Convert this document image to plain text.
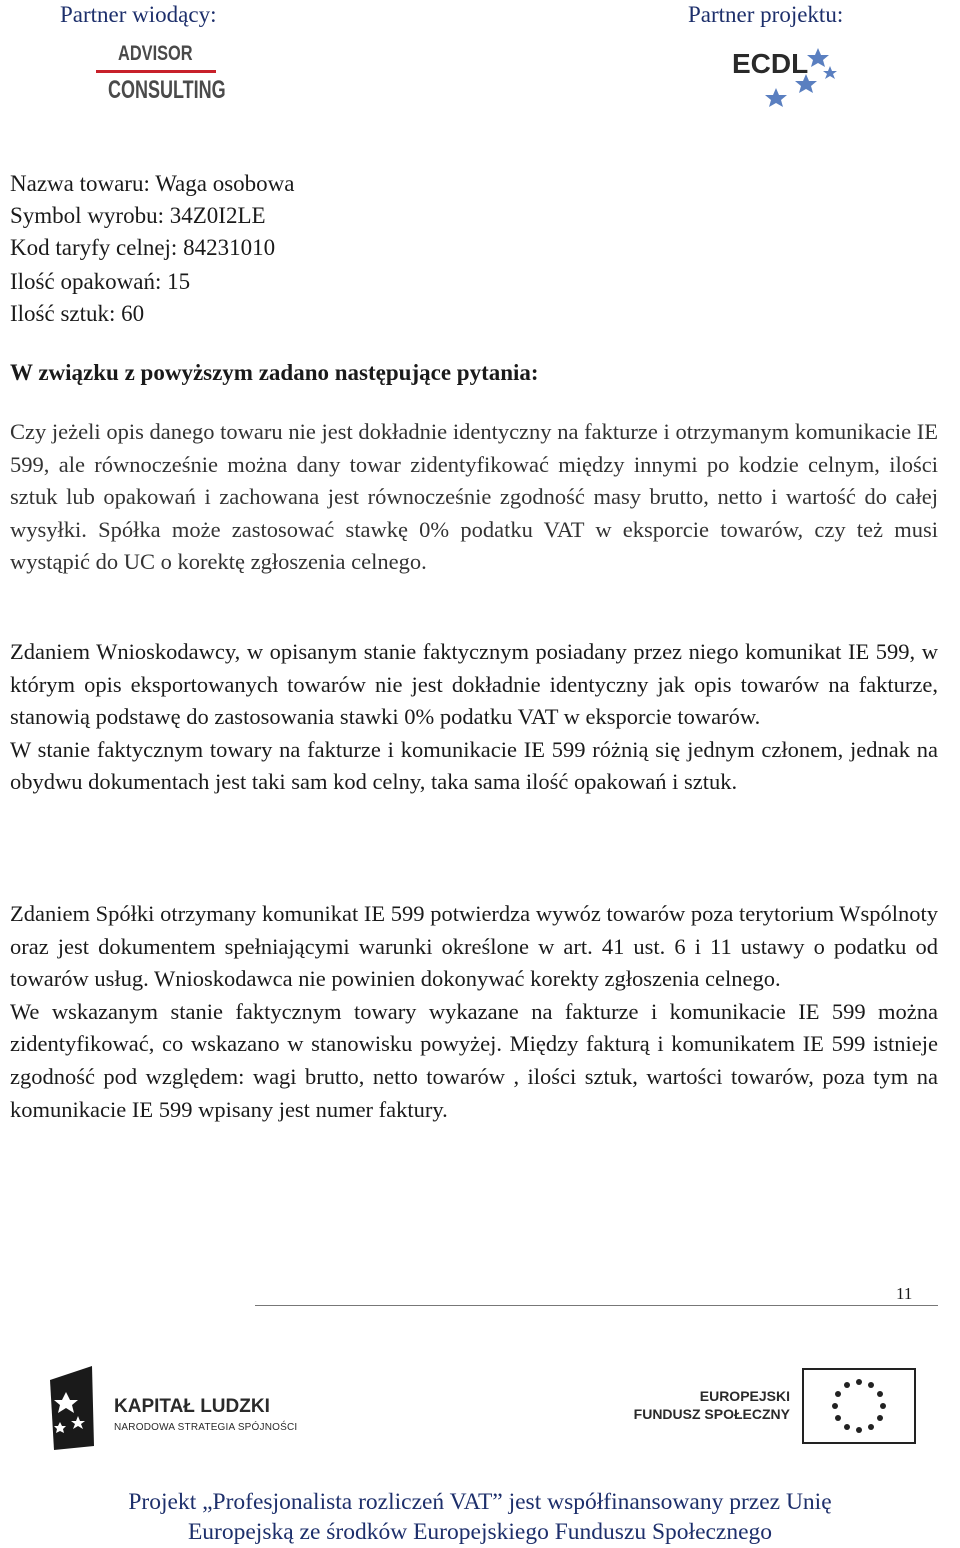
Partner wiodący:	Partner projektu:
ADVISOR
CONSULTING
ECDL
Nazwa towaru: Waga osobowa
Symbol wyrobu: 34Z0I2LE
Kod taryfy celnej: 84231010
Ilość opakowań: 15
Ilość sztuk: 60
W związku z powyższym zadano następujące pytania:

Czy jeżeli opis danego towaru nie jest dokładnie identyczny na fakturze i otrzymanym komunikacie IE 599, ale równocześnie można dany towar zidentyfikować między innymi po kodzie celnym, ilości sztuk lub opakowań i zachowana jest równocześnie zgodność masy brutto, netto i wartość do całej wysyłki. Spółka może zastosować stawkę 0% podatku VAT w eksporcie towarów, czy też musi wystąpić do UC o korektę zgłoszenia celnego.

Zdaniem Wnioskodawcy, w opisanym stanie faktycznym posiadany przez niego komunikat IE 599, w którym opis eksportowanych towarów nie jest dokładnie identyczny jak opis towarów na fakturze, stanowią podstawę do zastosowania stawki 0% podatku VAT w eksporcie towarów.

W stanie faktycznym towary na fakturze i komunikacie IE 599 różnią się jednym członem, jednak na obydwu dokumentach jest taki sam kod celny, taka sama ilość opakowań i sztuk.

Zdaniem Spółki otrzymany komunikat IE 599 potwierdza wywóz towarów poza terytorium Wspólnoty oraz jest dokumentem spełniającymi warunki określone w art. 41 ust. 6 i 11 ustawy o podatku od towarów usług. Wnioskodawca nie powinien dokonywać korekty zgłoszenia celnego.

We wskazanym stanie faktycznym towary wykazane na fakturze i komunikacie IE 599 można zidentyfikować, co wskazano w stanowisku powyżej. Między fakturą i komunikatem IE 599 istnieje zgodność pod względem: wagi brutto, netto towarów , ilości sztuk, wartości towarów, poza tym na komunikacie IE 599 wpisany jest numer faktury.

11
KAPITAŁ LUDZKI
NARODOWA STRATEGIA SPÓJNOŚCI
EUROPEJSKI
FUNDUSZ SPOŁECZNY
Projekt „Profesjonalista rozliczeń VAT” jest współfinansowany przez Unię
Europejską ze środków Europejskiego Funduszu Społecznego
